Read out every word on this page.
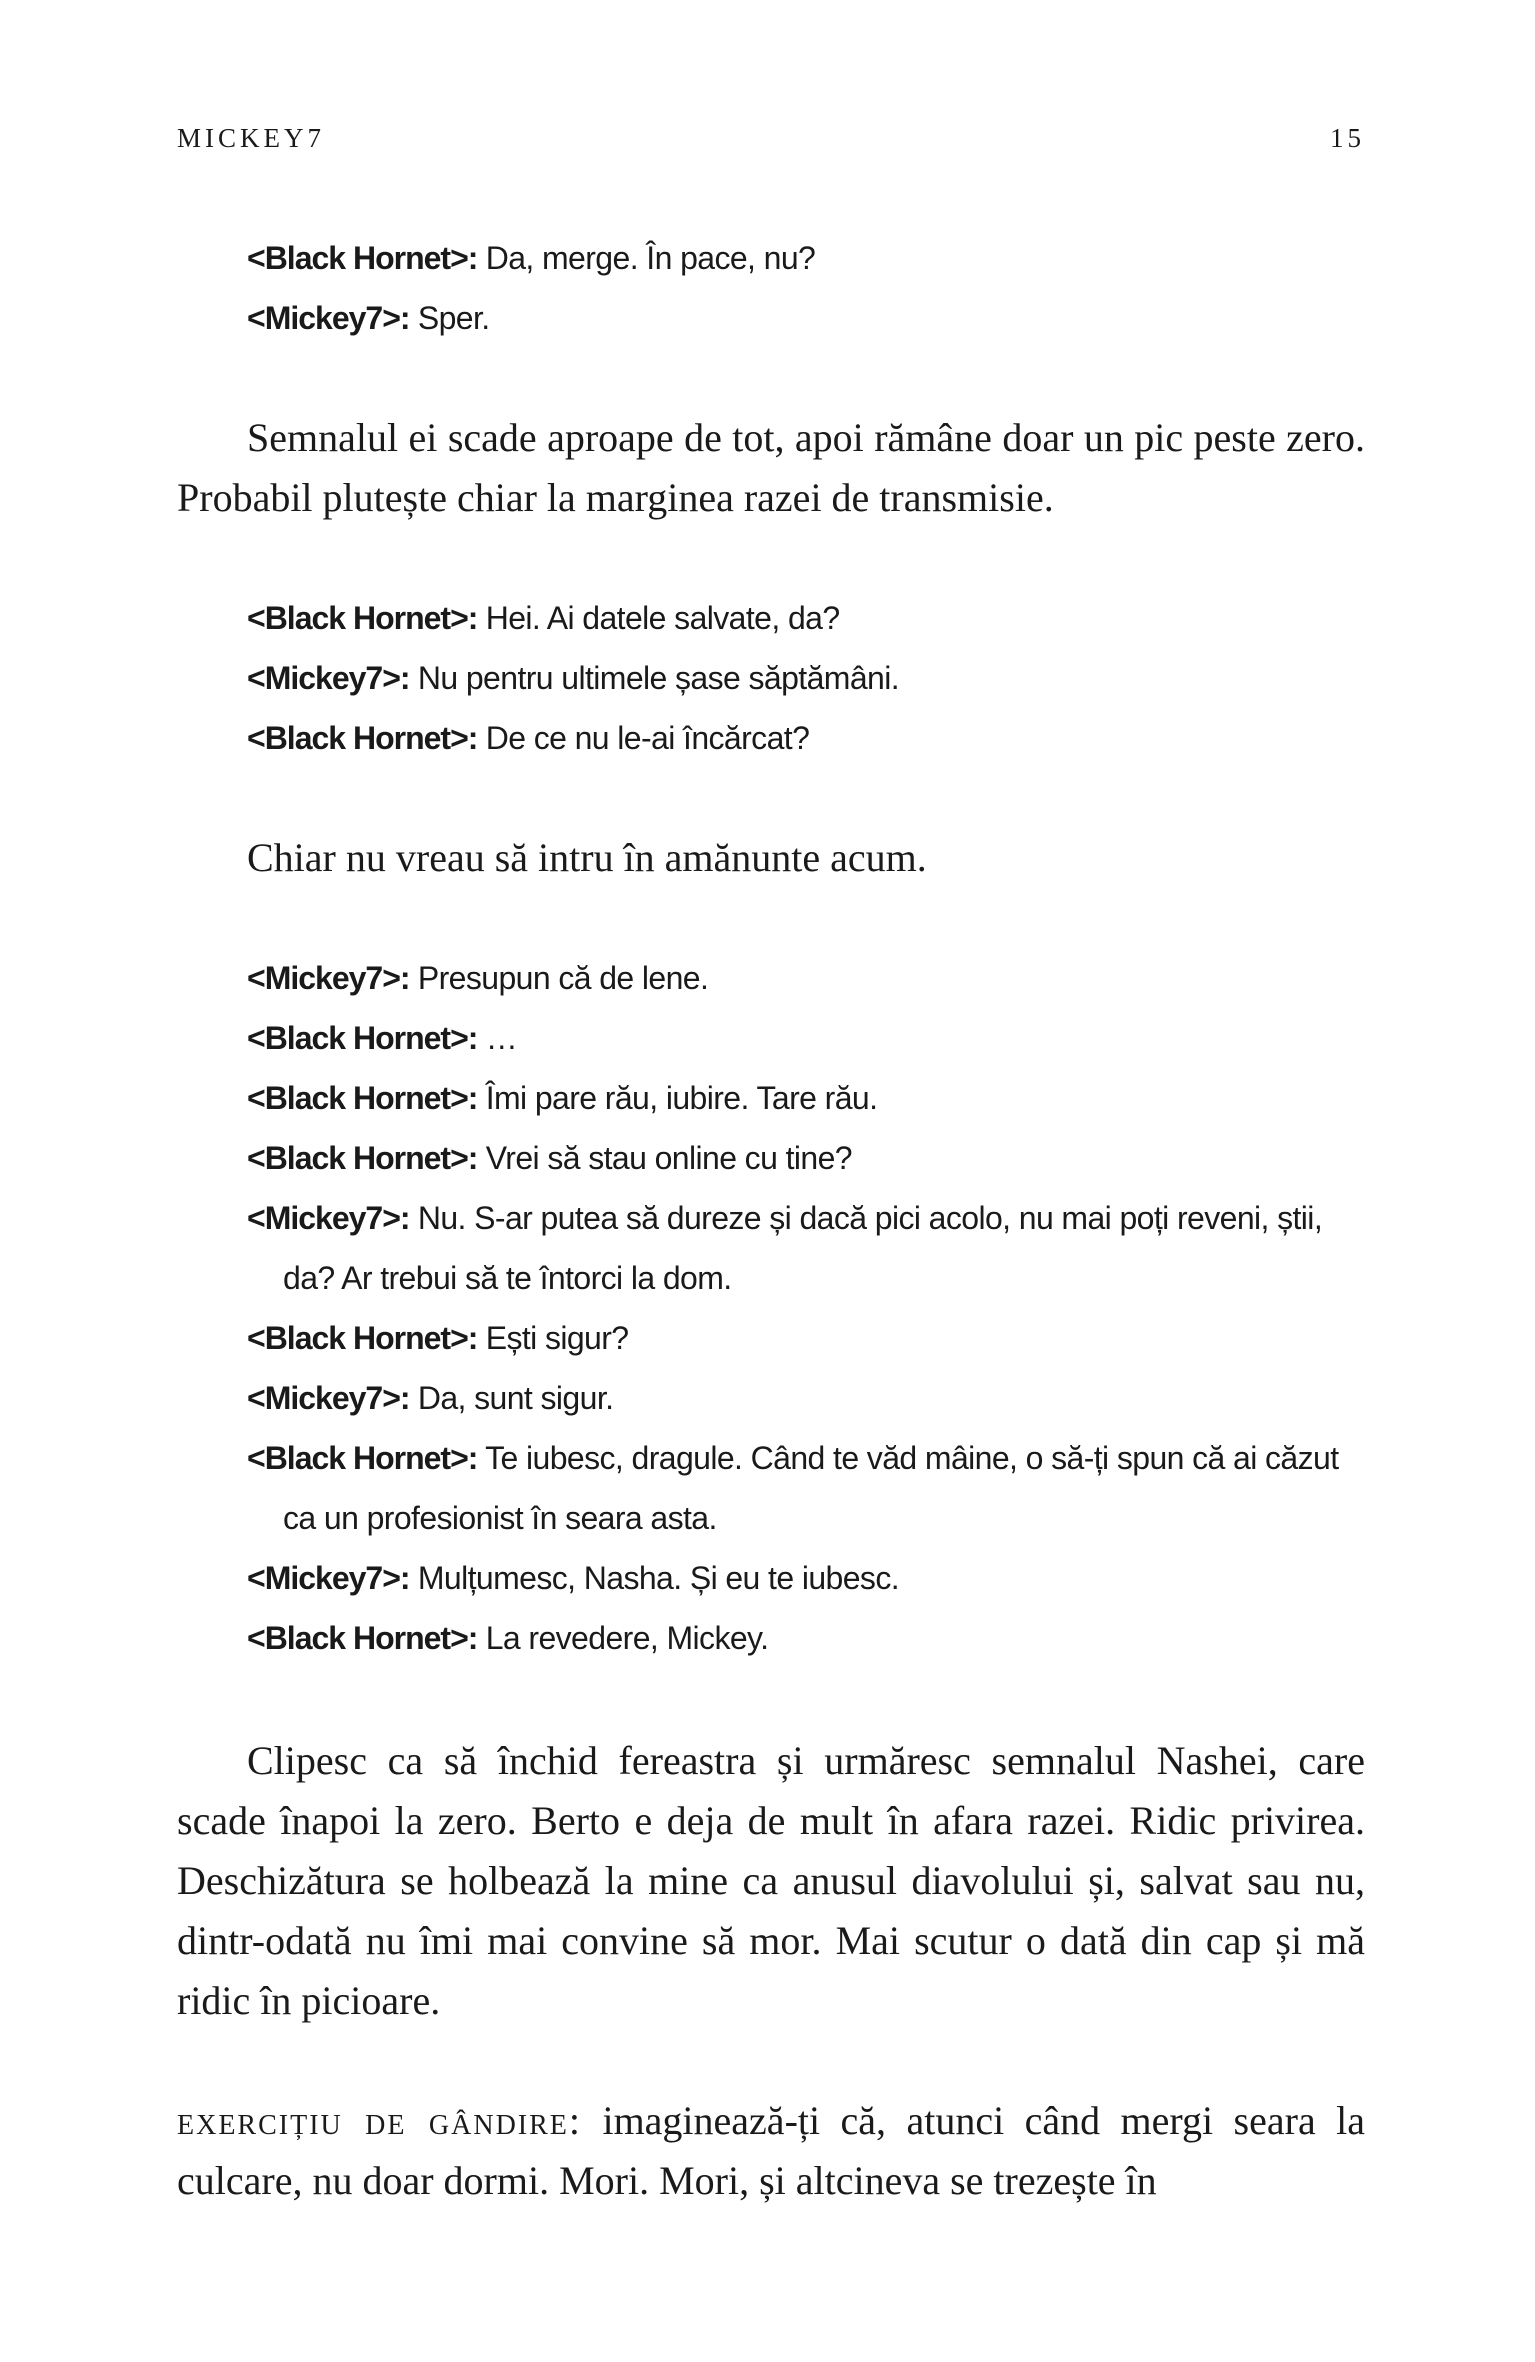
MICKEY7	15
<Black Hornet>: Da, merge. În pace, nu?
<Mickey7>: Sper.

Semnalul ei scade aproape de tot, apoi rămâne doar un pic peste zero. Probabil plutește chiar la marginea razei de transmisie.

<Black Hornet>: Hei. Ai datele salvate, da?
<Mickey7>: Nu pentru ultimele șase săptămâni.
<Black Hornet>: De ce nu le-ai încărcat?

Chiar nu vreau să intru în amănunte acum.

<Mickey7>: Presupun că de lene.
<Black Hornet>: …
<Black Hornet>: Îmi pare rău, iubire. Tare rău.
<Black Hornet>: Vrei să stau online cu tine?
<Mickey7>: Nu. S-ar putea să dureze și dacă pici acolo, nu mai poți reveni, știi, da? Ar trebui să te întorci la dom.
<Black Hornet>: Ești sigur?
<Mickey7>: Da, sunt sigur.
<Black Hornet>: Te iubesc, dragule. Când te văd mâine, o să-ți spun că ai căzut ca un profesionist în seara asta.
<Mickey7>: Mulțumesc, Nasha. Și eu te iubesc.
<Black Hornet>: La revedere, Mickey.

Clipesc ca să închid fereastra și urmăresc semnalul Nashei, care scade înapoi la zero. Berto e deja de mult în afara razei. Ridic privirea. Deschizătura se holbează la mine ca anusul diavolului și, salvat sau nu, dintr-odată nu îmi mai convine să mor. Mai scutur o dată din cap și mă ridic în picioare.

exercițiu de gândire: imaginează-ți că, atunci când mergi seara la culcare, nu doar dormi. Mori. Mori, și altcineva se trezește în
